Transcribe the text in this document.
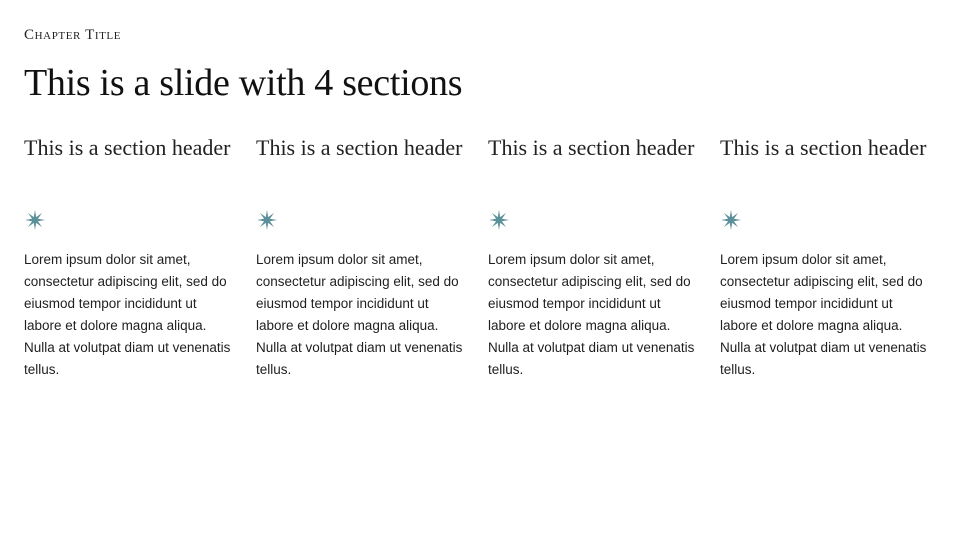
Chapter Title
This is a slide with 4 sections
This is a section header
Lorem ipsum dolor sit amet, consectetur adipiscing elit, sed do eiusmod tempor incididunt ut labore et dolore magna aliqua. Nulla at volutpat diam ut venenatis tellus.
This is a section header
Lorem ipsum dolor sit amet, consectetur adipiscing elit, sed do eiusmod tempor incididunt ut labore et dolore magna aliqua. Nulla at volutpat diam ut venenatis tellus.
This is a section header
Lorem ipsum dolor sit amet, consectetur adipiscing elit, sed do eiusmod tempor incididunt ut labore et dolore magna aliqua. Nulla at volutpat diam ut venenatis tellus.
This is a section header
Lorem ipsum dolor sit amet, consectetur adipiscing elit, sed do eiusmod tempor incididunt ut labore et dolore magna aliqua. Nulla at volutpat diam ut venenatis tellus.
